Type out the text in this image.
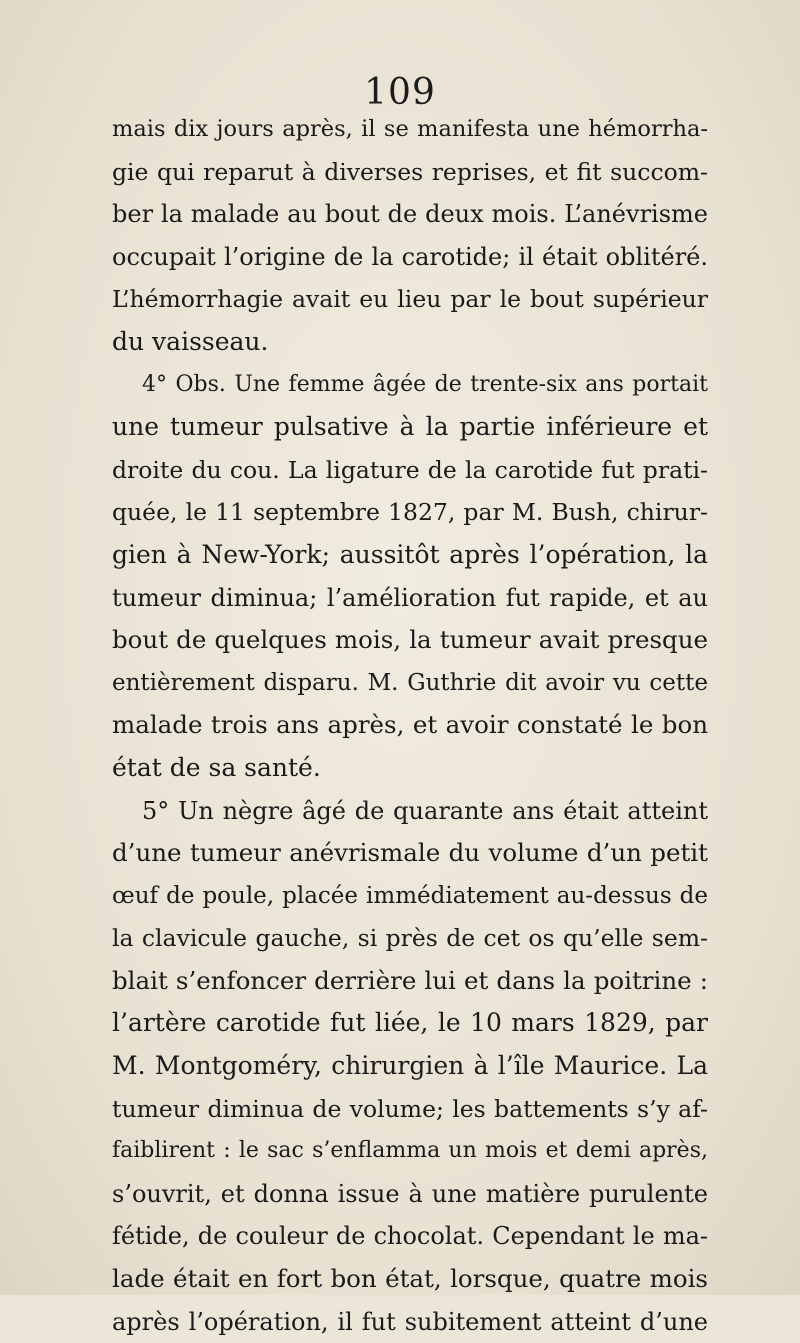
109
mais dix jours après, il se manifesta une hémorrha-
gie qui reparut à diverses reprises, et fit succom-
ber la malade au bout de deux mois. L’anévrisme
occupait l’origine de la carotide; il était oblitéré.
L’hémorrhagie avait eu lieu par le bout supérieur
du vaisseau.
4° Obs. Une femme âgée de trente-six ans portait
une tumeur pulsative à la partie inférieure et
droite du cou. La ligature de la carotide fut prati-
quée, le 11 septembre 1827, par M. Bush, chirur-
gien à New-York; aussitôt après l’opération, la
tumeur diminua; l’amélioration fut rapide, et au
bout de quelques mois, la tumeur avait presque
entièrement disparu. M. Guthrie dit avoir vu cette
malade trois ans après, et avoir constaté le bon
état de sa santé.
5° Un nègre âgé de quarante ans était atteint
d’une tumeur anévrismale du volume d’un petit
œuf de poule, placée immédiatement au-dessus de
la clavicule gauche, si près de cet os qu’elle sem-
blait s’enfoncer derrière lui et dans la poitrine :
l’artère carotide fut liée, le 10 mars 1829, par
M. Montgoméry, chirurgien à l’île Maurice. La
tumeur diminua de volume; les battements s’y af-
faiblirent : le sac s’enflamma un mois et demi après,
s’ouvrit, et donna issue à une matière purulente
fétide, de couleur de chocolat. Cependant le ma-
lade était en fort bon état, lorsque, quatre mois
après l’opération, il fut subitement atteint d’une
